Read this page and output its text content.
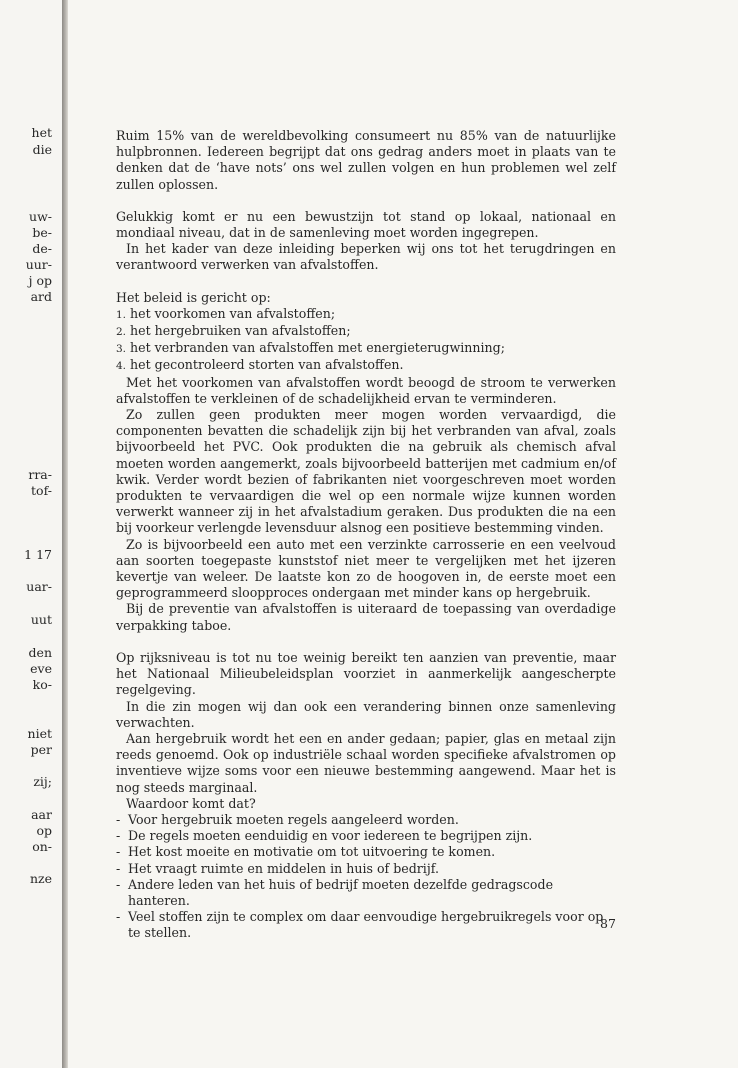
het
die
uw-
be-
de-
uur-
j op
ard
rra-
tof-
1 17
uar-
uut
den
eve
ko-
niet
per
zij;
aar
op
on-
nze

Ruim 15% van de wereldbevolking consumeert nu 85% van de natuurlijke hulpbronnen. Iedereen begrijpt dat ons gedrag anders moet in plaats van te denken dat de ‘have nots’ ons wel zullen volgen en hun problemen wel zelf zullen oplossen.

Gelukkig komt er nu een bewustzijn tot stand op lokaal, nationaal en mondiaal niveau, dat in de samenleving moet worden ingegrepen.

In het kader van deze inleiding beperken wij ons tot het terugdringen en verantwoord verwerken van afvalstoffen.

Het beleid is gericht op:

1. het voorkomen van afvalstoffen;

2. het hergebruiken van afvalstoffen;

3. het verbranden van afvalstoffen met energieterugwinning;

4. het gecontroleerd storten van afvalstoffen.

Met het voorkomen van afvalstoffen wordt beoogd de stroom te verwerken afvalstoffen te verkleinen of de schadelijkheid ervan te verminderen.

Zo zullen geen produkten meer mogen worden vervaardigd, die componenten bevatten die schadelijk zijn bij het verbranden van afval, zoals bijvoorbeeld het PVC. Ook produkten die na gebruik als chemisch afval moeten worden aangemerkt, zoals bijvoorbeeld batterijen met cadmium en/of kwik. Verder wordt bezien of fabrikanten niet voorgeschreven moet worden produkten te vervaardigen die wel op een normale wijze kunnen worden verwerkt wanneer zij in het afvalstadium geraken. Dus produkten die na een bij voorkeur verlengde levensduur alsnog een positieve bestemming vinden.

Zo is bijvoorbeeld een auto met een verzinkte carrosserie en een veelvoud aan soorten toegepaste kunststof niet meer te vergelijken met het ijzeren kevertje van weleer. De laatste kon zo de hoogoven in, de eerste moet een geprogrammeerd sloopproces ondergaan met minder kans op hergebruik.

Bij de preventie van afvalstoffen is uiteraard de toepassing van overdadige verpakking taboe.

Op rijksniveau is tot nu toe weinig bereikt ten aanzien van preventie, maar het Nationaal Milieubeleidsplan voorziet in aanmerkelijk aangescherpte regelgeving.

In die zin mogen wij dan ook een verandering binnen onze samenleving verwachten.

Aan hergebruik wordt het een en ander gedaan; papier, glas en metaal zijn reeds genoemd. Ook op industriële schaal worden specifieke afvalstromen op inventieve wijze soms voor een nieuwe bestemming aangewend. Maar het is nog steeds marginaal.

Waardoor komt dat?

- Voor hergebruik moeten regels aangeleerd worden.

- De regels moeten eenduidig en voor iedereen te begrijpen zijn.

- Het kost moeite en motivatie om tot uitvoering te komen.

- Het vraagt ruimte en middelen in huis of bedrijf.

- Andere leden van het huis of bedrijf moeten dezelfde gedragscode hanteren.

- Veel stoffen zijn te complex om daar eenvoudige hergebruikregels voor op te stellen.

87
